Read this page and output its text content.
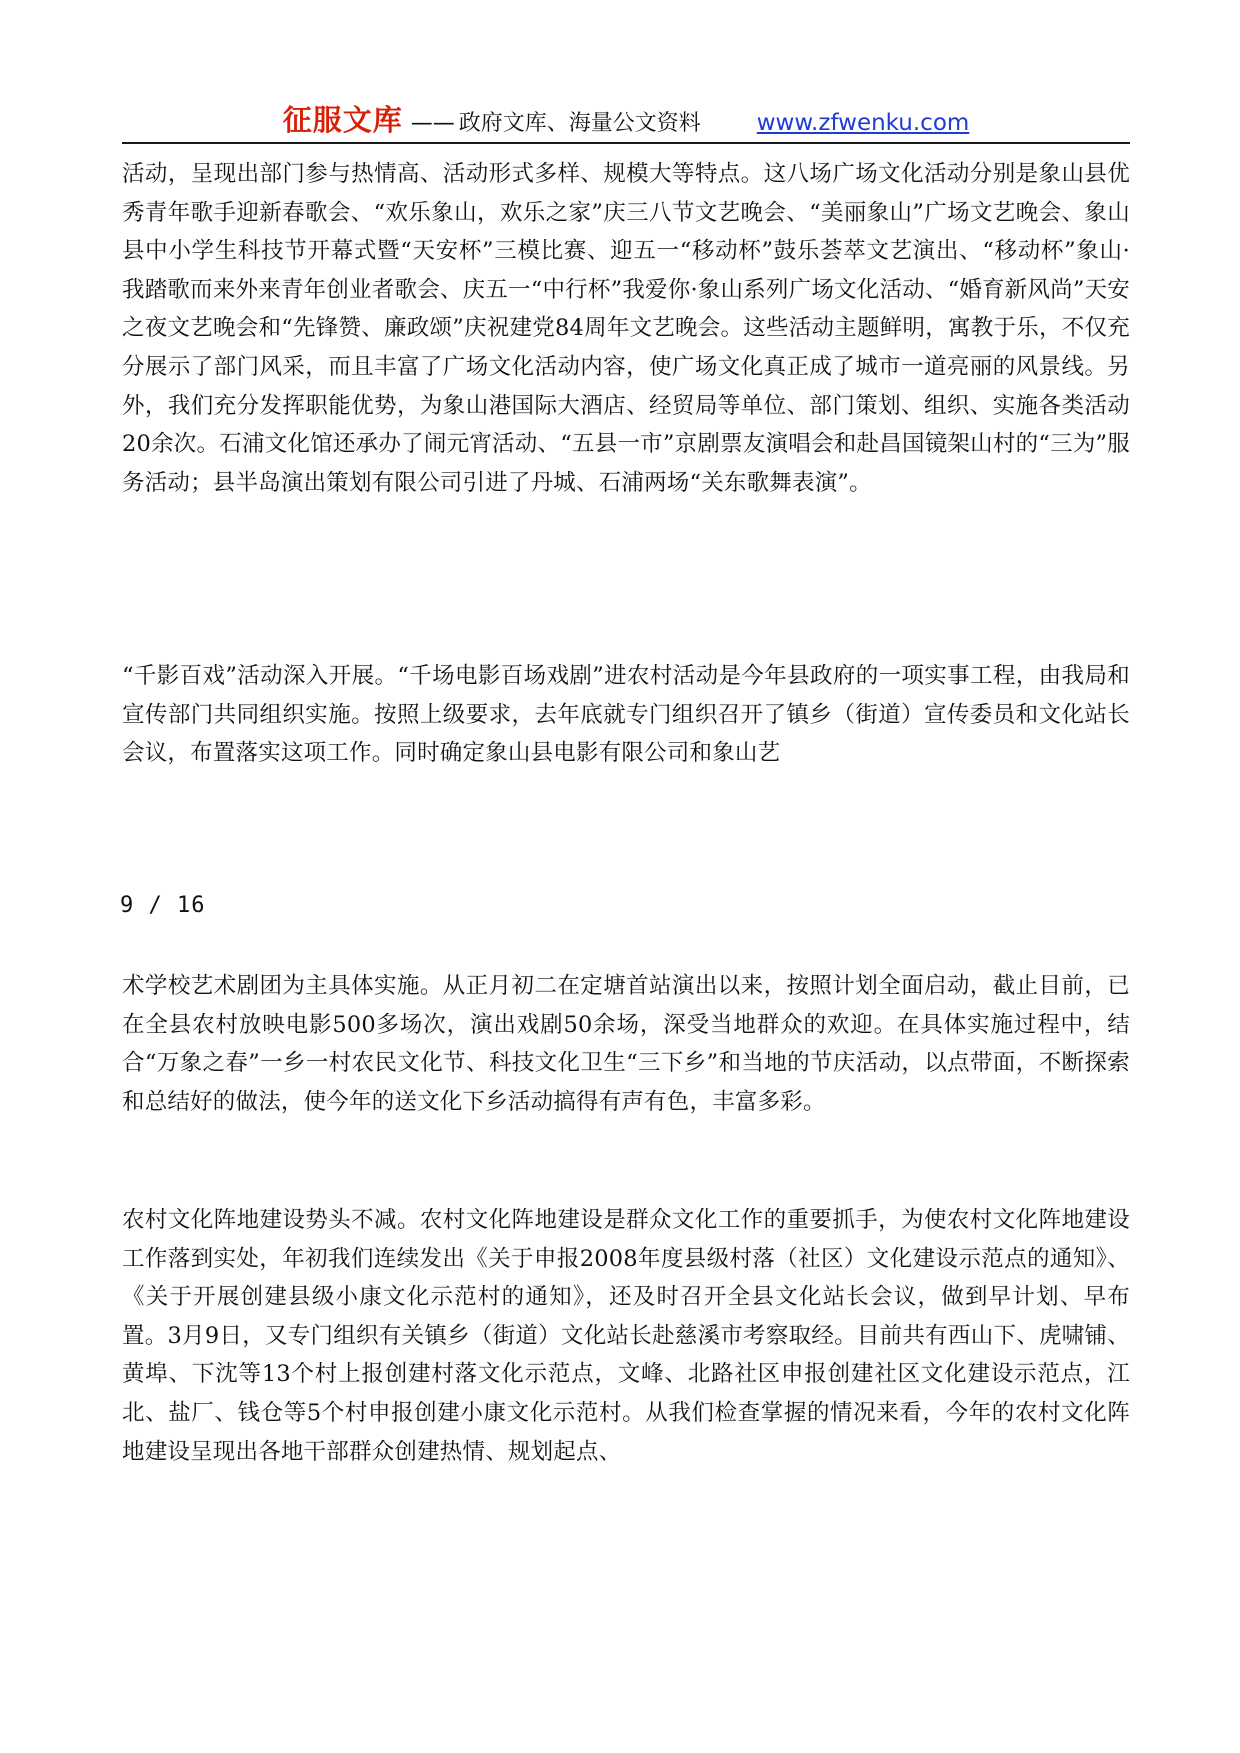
征服文库 —— 政府文库、海量公文资料 www.zfwenku.com

活动，呈现出部门参与热情高、活动形式多样、规模大等特点。这八场广场文化活动分别是象山县优秀青年歌手迎新春歌会、“欢乐象山，欢乐之家”庆三八节文艺晚会、“美丽象山”广场文艺晚会、象山县中小学生科技节开幕式暨“天安杯”三模比赛、迎五一“移动杯”鼓乐荟萃文艺演出、“移动杯”象山·我踏歌而来外来青年创业者歌会、庆五一“中行杯”我爱你·象山系列广场文化活动、“婚育新风尚”天安之夜文艺晚会和“先锋赞、廉政颂”庆祝建党84周年文艺晚会。这些活动主题鲜明，寓教于乐，不仅充分展示了部门风采，而且丰富了广场文化活动内容，使广场文化真正成了城市一道亮丽的风景线。另外，我们充分发挥职能优势，为象山港国际大酒店、经贸局等单位、部门策划、组织、实施各类活动20余次。石浦文化馆还承办了闹元宵活动、“五县一市”京剧票友演唱会和赴昌国镜架山村的“三为”服务活动；县半岛演出策划有限公司引进了丹城、石浦两场“关东歌舞表演”。

“千影百戏”活动深入开展。“千场电影百场戏剧”进农村活动是今年县政府的一项实事工程，由我局和宣传部门共同组织实施。按照上级要求，去年底就专门组织召开了镇乡（街道）宣传委员和文化站长会议，布置落实这项工作。同时确定象山县电影有限公司和象山艺

9 / 16

术学校艺术剧团为主具体实施。从正月初二在定塘首站演出以来，按照计划全面启动，截止目前，已在全县农村放映电影500多场次，演出戏剧50余场，深受当地群众的欢迎。在具体实施过程中，结合“万象之春”一乡一村农民文化节、科技文化卫生“三下乡”和当地的节庆活动，以点带面，不断探索和总结好的做法，使今年的送文化下乡活动搞得有声有色，丰富多彩。

农村文化阵地建设势头不减。农村文化阵地建设是群众文化工作的重要抓手，为使农村文化阵地建设工作落到实处，年初我们连续发出《关于申报2008年度县级村落（社区）文化建设示范点的通知》、《关于开展创建县级小康文化示范村的通知》，还及时召开全县文化站长会议，做到早计划、早布置。3月9日，又专门组织有关镇乡（街道）文化站长赴慈溪市考察取经。目前共有西山下、虎啸铺、黄埠、下沈等13个村上报创建村落文化示范点，文峰、北路社区申报创建社区文化建设示范点，江北、盐厂、钱仓等5个村申报创建小康文化示范村。从我们检查掌握的情况来看，今年的农村文化阵地建设呈现出各地干部群众创建热情、规划起点、
